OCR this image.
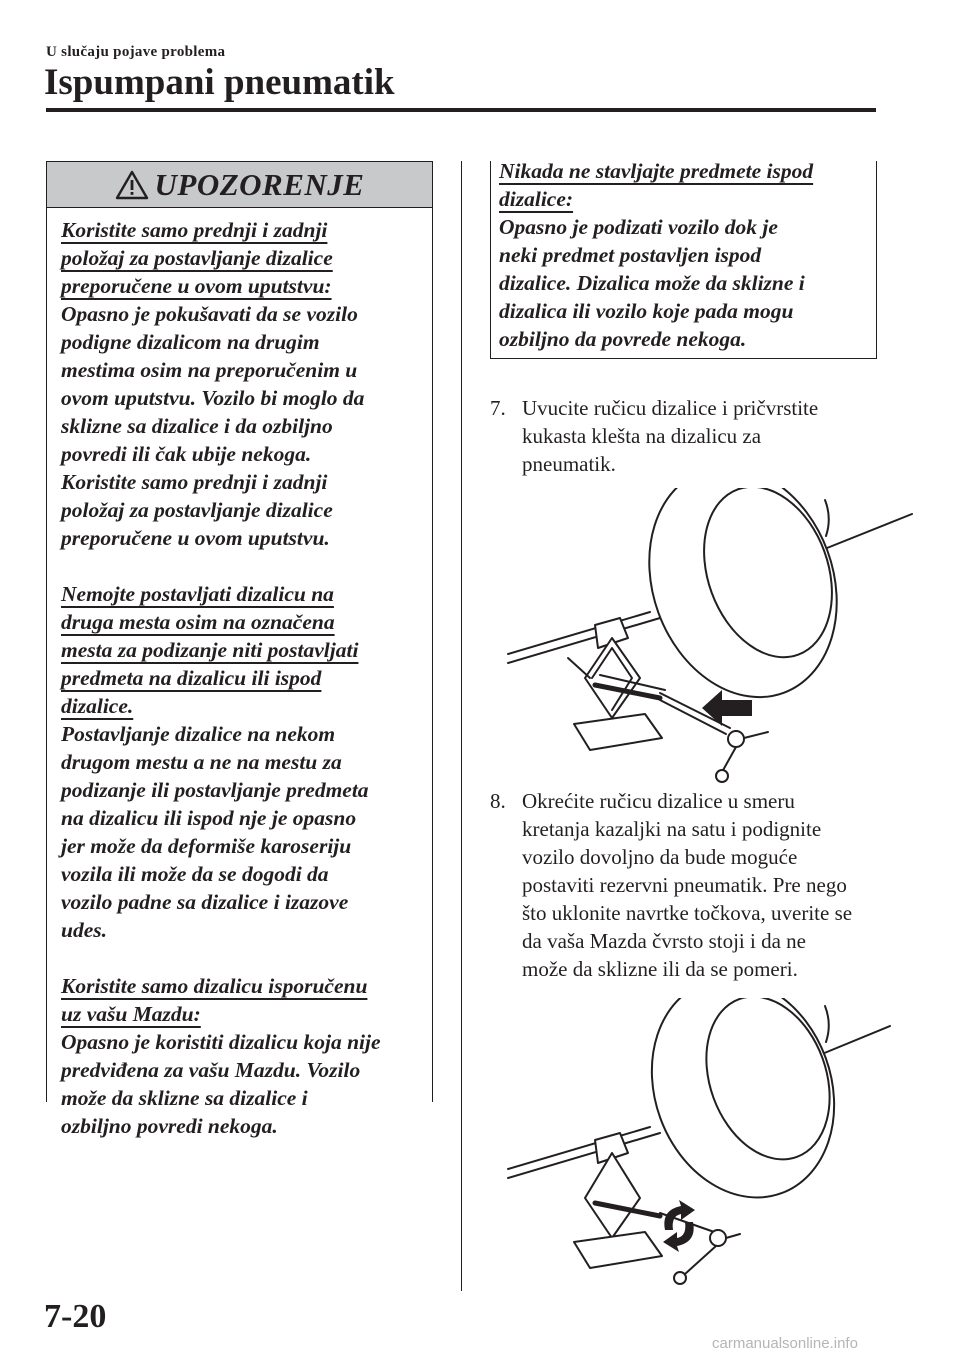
U slučaju pojave problema
Ispumpani pneumatik
UPOZORENJE

Koristite samo prednji i zadnji
položaj za postavljanje dizalice
preporučene u ovom uputstvu:

Opasno je pokušavati da se vozilo
podigne dizalicom na drugim
mestima osim na preporučenim u
ovom uputstvu. Vozilo bi moglo da
sklizne sa dizalice i da ozbiljno
povredi ili čak ubije nekoga.
Koristite samo prednji i zadnji
položaj za postavljanje dizalice
preporučene u ovom uputstvu.

Nemojte postavljati dizalicu na
druga mesta osim na označena
mesta za podizanje niti postavljati
predmeta na dizalicu ili ispod
dizalice.

Postavljanje dizalice na nekom
drugom mestu a ne na mestu za
podizanje ili postavljanje predmeta
na dizalicu ili ispod nje je opasno
jer može da deformiše karoseriju
vozila ili može da se dogodi da
vozilo padne sa dizalice i izazove
udes.

Koristite samo dizalicu isporučenu
uz vašu Mazdu:

Opasno je koristiti dizalicu koja nije
predviđena za vašu Mazdu. Vozilo
može da sklizne sa dizalice i
ozbiljno povredi nekoga.

Nikada ne stavljajte predmete ispod
dizalice:

Opasno je podizati vozilo dok je
neki predmet postavljen ispod
dizalice. Dizalica može da sklizne i
dizalica ili vozilo koje pada mogu
ozbiljno da povrede nekoga.

7. Uvucite ručicu dizalice i pričvrstite
kukasta klešta na dizalicu za
pneumatik.
8. Okrećite ručicu dizalice u smeru
kretanja kazaljki na satu i podignite
vozilo dovoljno da bude moguće
postaviti rezervni pneumatik. Pre nego
što uklonite navrtke točkova, uverite se
da vaša Mazda čvrsto stoji i da ne
može da sklizne ili da se pomeri.
7-20
carmanualsonline.info
